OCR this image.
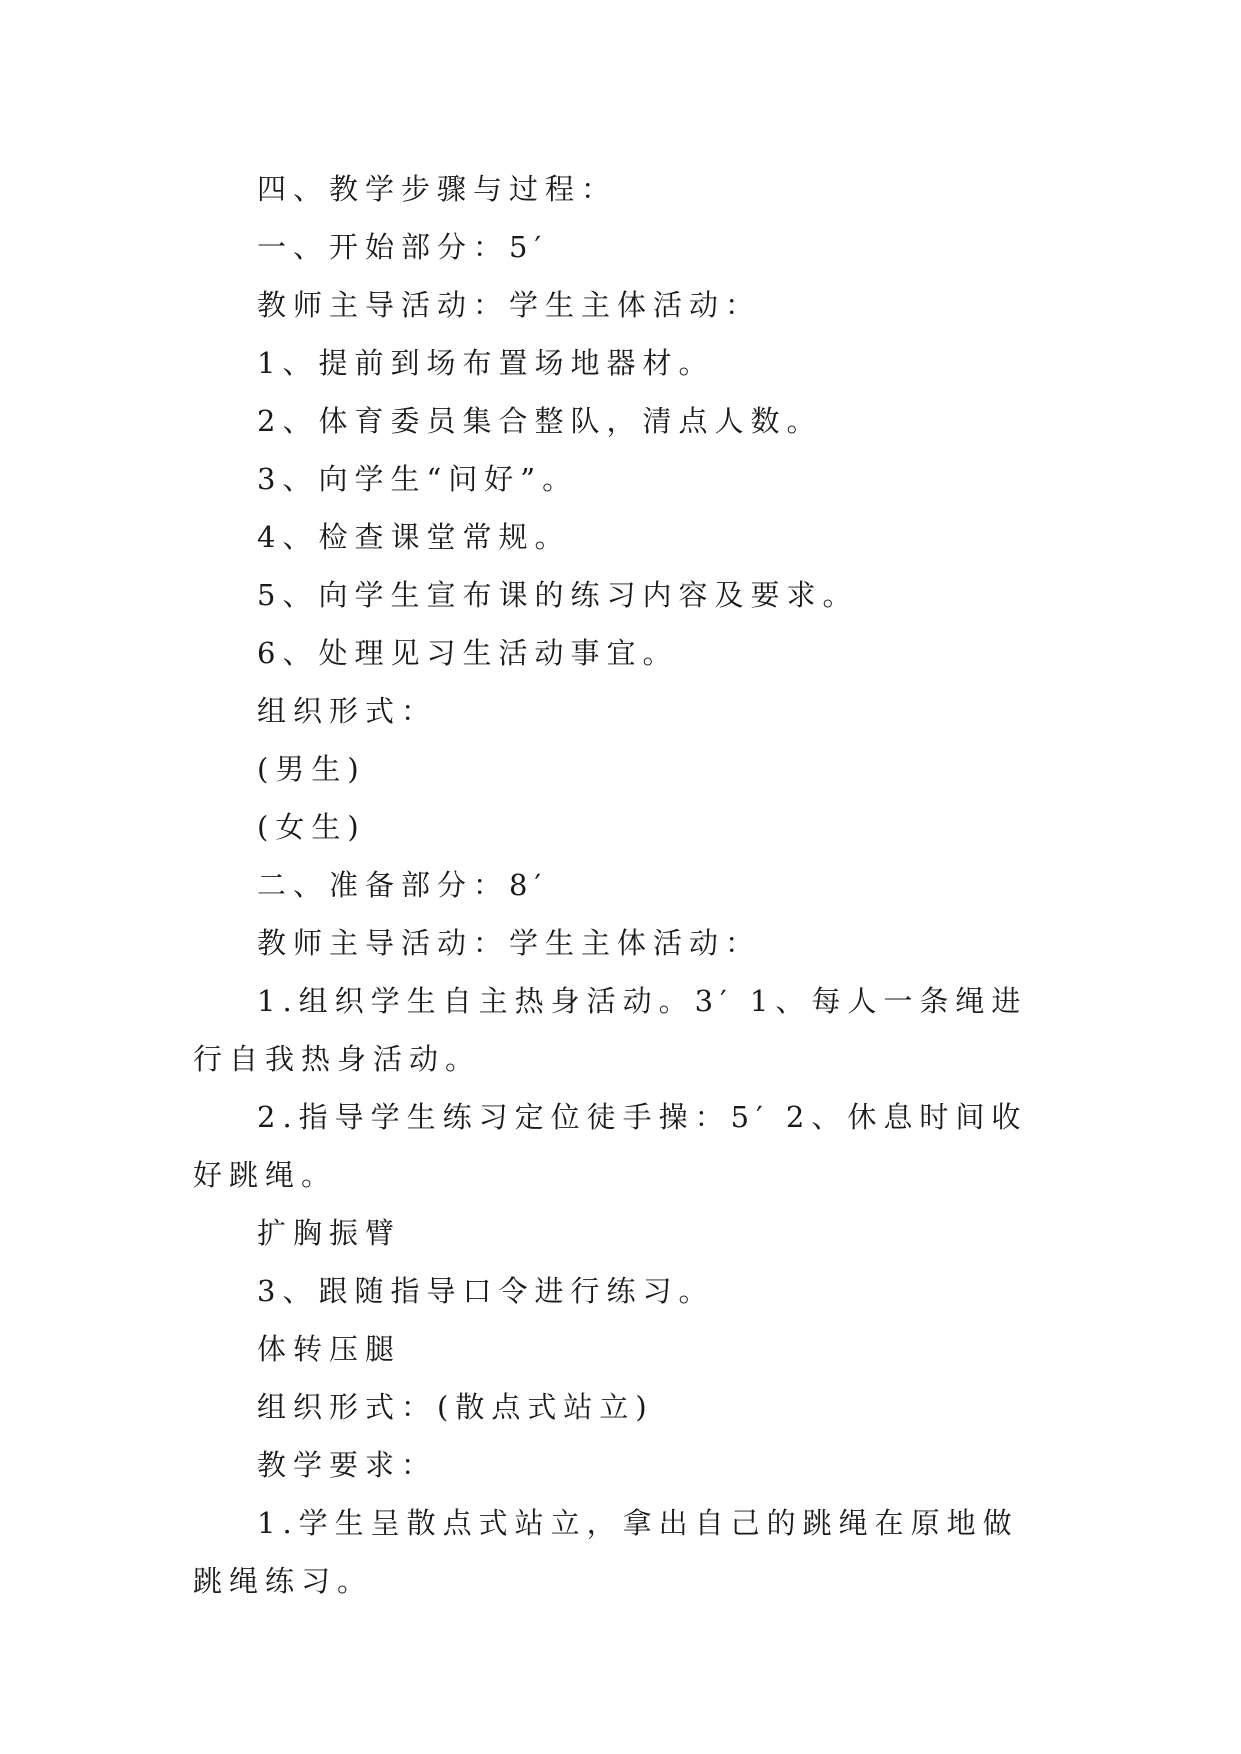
四、教学步骤与过程：

一、开始部分：5′

教师主导活动：学生主体活动：

1、提前到场布置场地器材。

2、体育委员集合整队，清点人数。

3、向学生“问好”。

4、检查课堂常规。

5、向学生宣布课的练习内容及要求。

6、处理见习生活动事宜。

组织形式：

(男生)

(女生)

二、准备部分：8′

教师主导活动：学生主体活动：

1.组织学生自主热身活动。3′ 1、每人一条绳进行自我热身活动。

2.指导学生练习定位徒手操：5′ 2、休息时间收好跳绳。

扩胸振臂

3、跟随指导口令进行练习。

体转压腿

组织形式：(散点式站立)

教学要求：

1.学生呈散点式站立，拿出自己的跳绳在原地做跳绳练习。
